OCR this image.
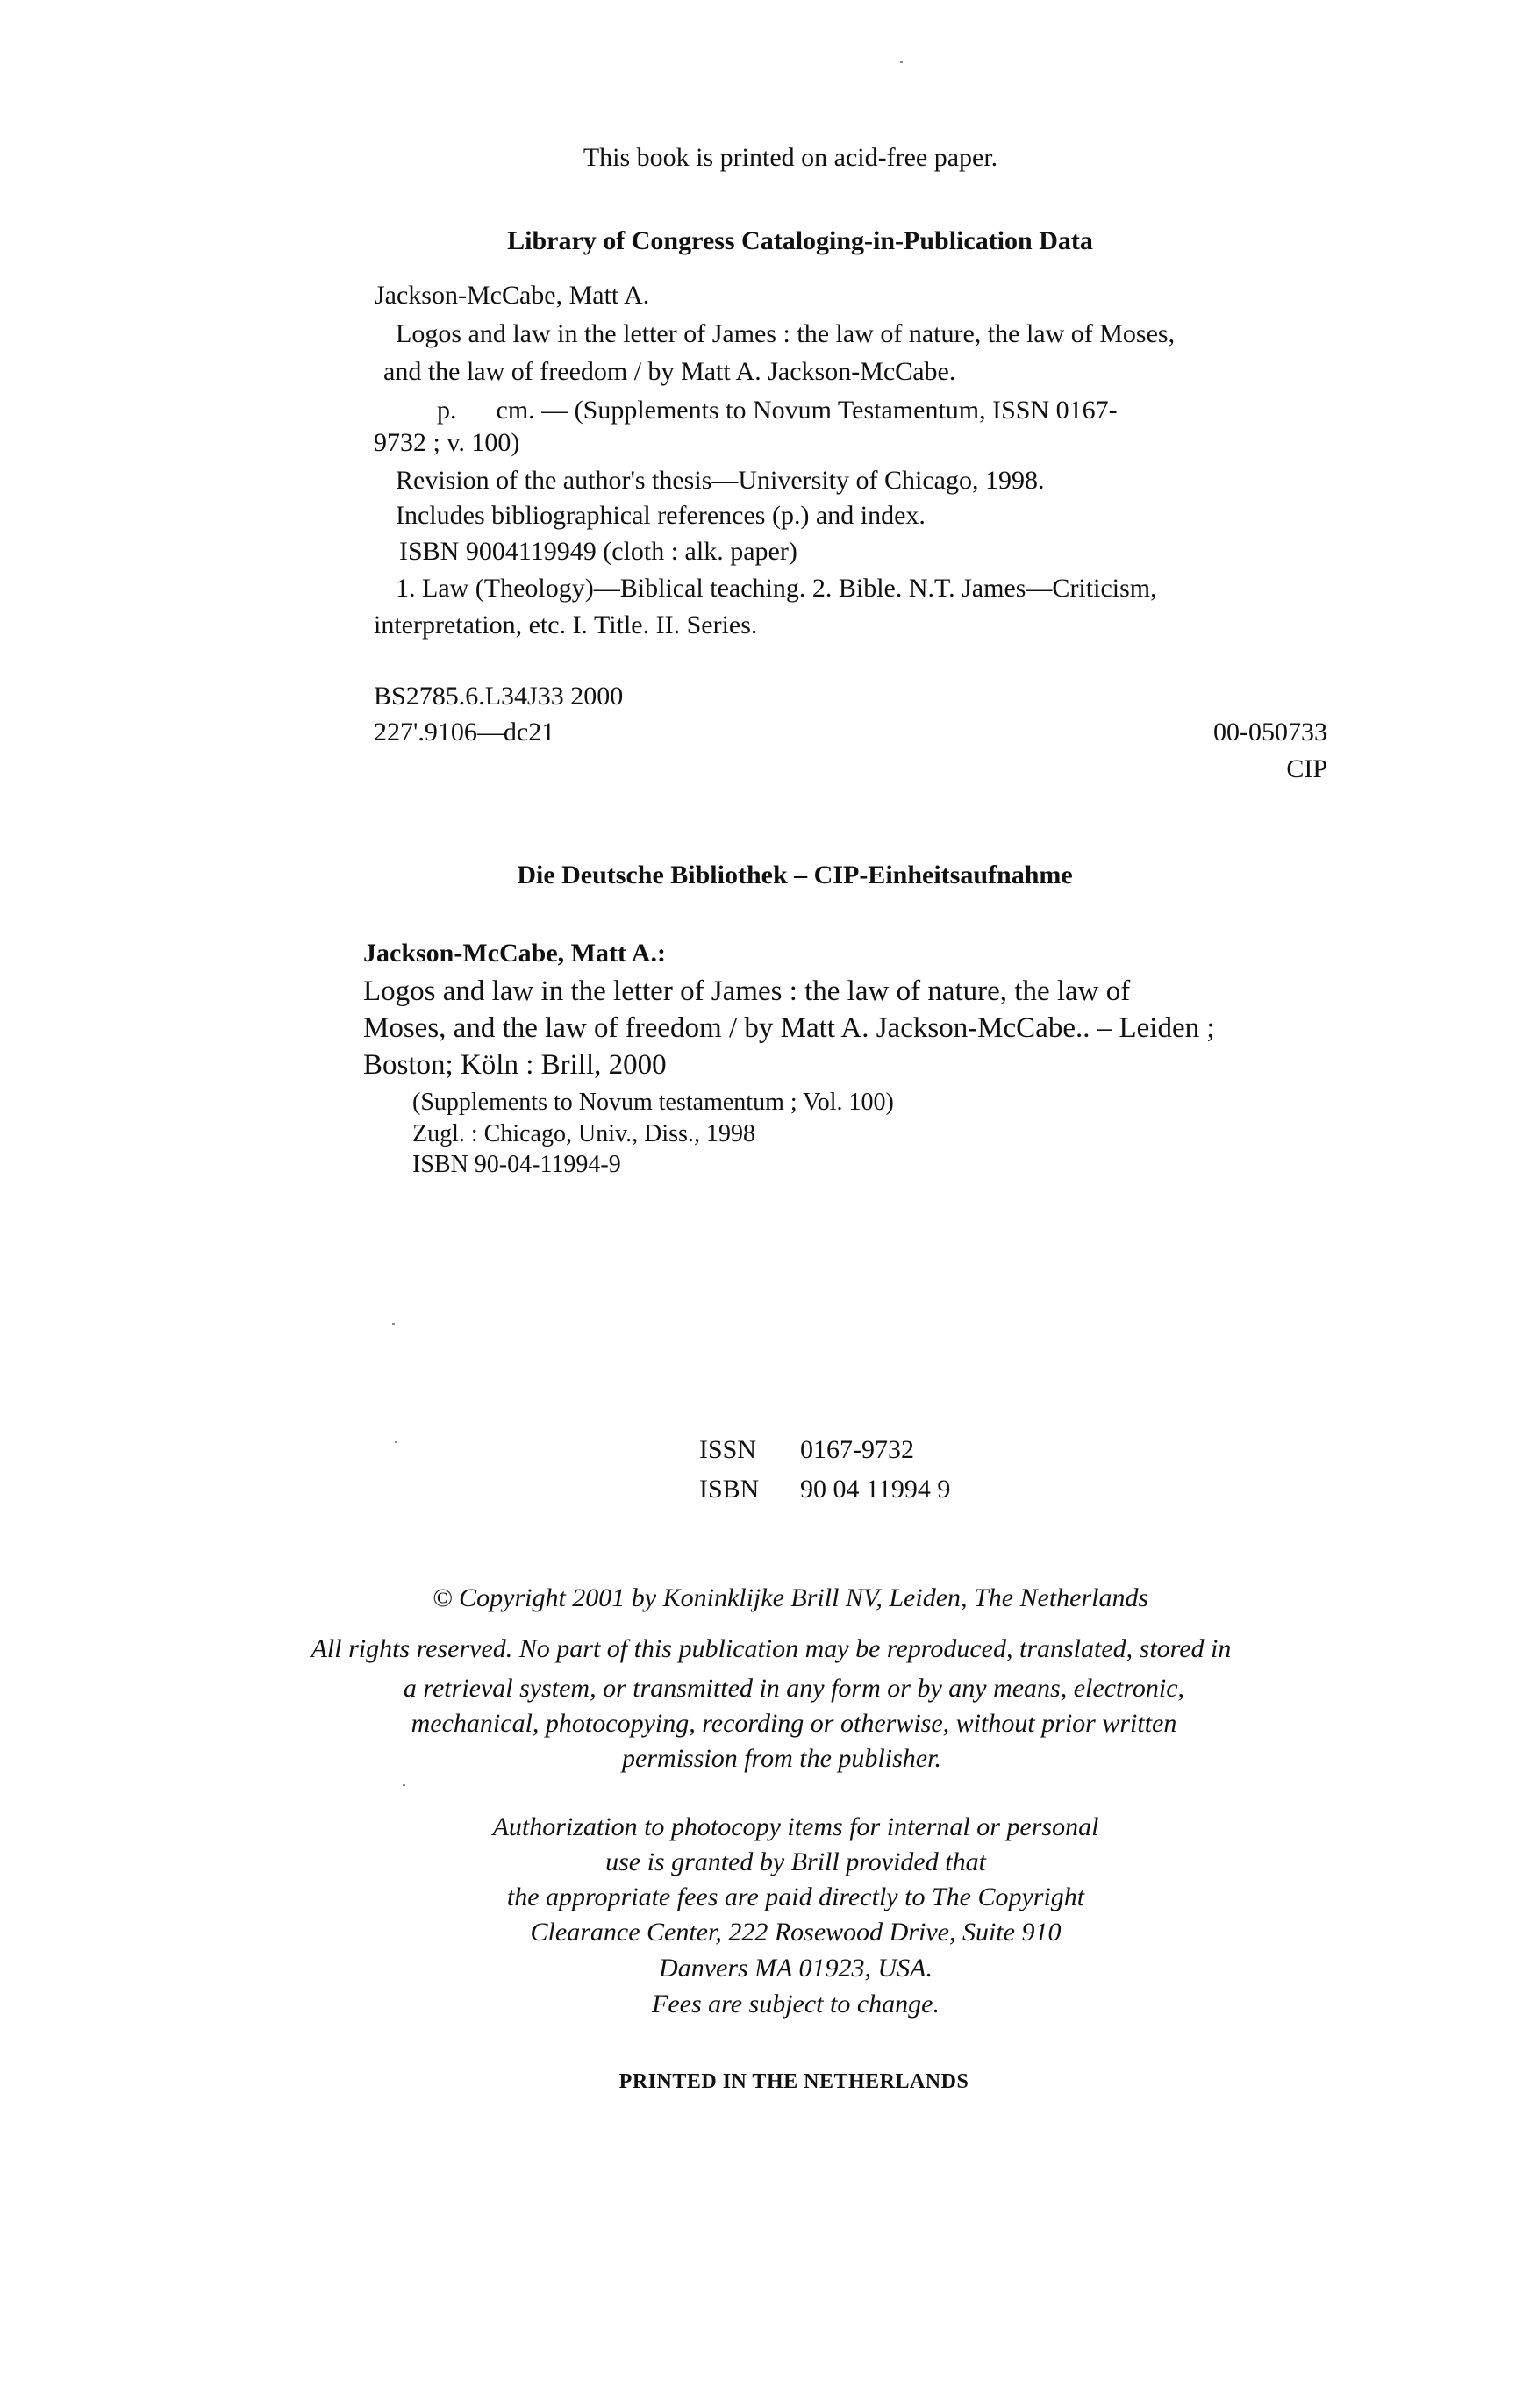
This book is printed on acid-free paper.
Library of Congress Cataloging-in-Publication Data
Jackson-McCabe, Matt A.
Logos and law in the letter of James : the law of nature, the law of Moses,
and the law of freedom / by Matt A. Jackson-McCabe.
p.      cm. — (Supplements to Novum Testamentum, ISSN 0167-
9732 ; v. 100)
Revision of the author's thesis—University of Chicago, 1998.
Includes bibliographical references (p.) and index.
ISBN 9004119949 (cloth : alk. paper)
1. Law (Theology)—Biblical teaching. 2. Bible. N.T. James—Criticism,
interpretation, etc. I. Title. II. Series.
BS2785.6.L34J33 2000
227'.9106—dc21	00-050733
CIP
Die Deutsche Bibliothek – CIP-Einheitsaufnahme
Jackson-McCabe, Matt A.:
Logos and law in the letter of James : the law of nature, the law of
Moses, and the law of freedom / by Matt A. Jackson-McCabe.. – Leiden ;
Boston; Köln : Brill, 2000
(Supplements to Novum testamentum ; Vol. 100)
Zugl. : Chicago, Univ., Diss., 1998
ISBN 90-04-11994-9
ISSN 0167-9732
ISBN 90 04 11994 9
© Copyright 2001 by Koninklijke Brill NV, Leiden, The Netherlands
All rights reserved. No part of this publication may be reproduced, translated, stored in
a retrieval system, or transmitted in any form or by any means, electronic,
mechanical, photocopying, recording or otherwise, without prior written
permission from the publisher.
Authorization to photocopy items for internal or personal
use is granted by Brill provided that
the appropriate fees are paid directly to The Copyright
Clearance Center, 222 Rosewood Drive, Suite 910
Danvers MA 01923, USA.
Fees are subject to change.
PRINTED IN THE NETHERLANDS
